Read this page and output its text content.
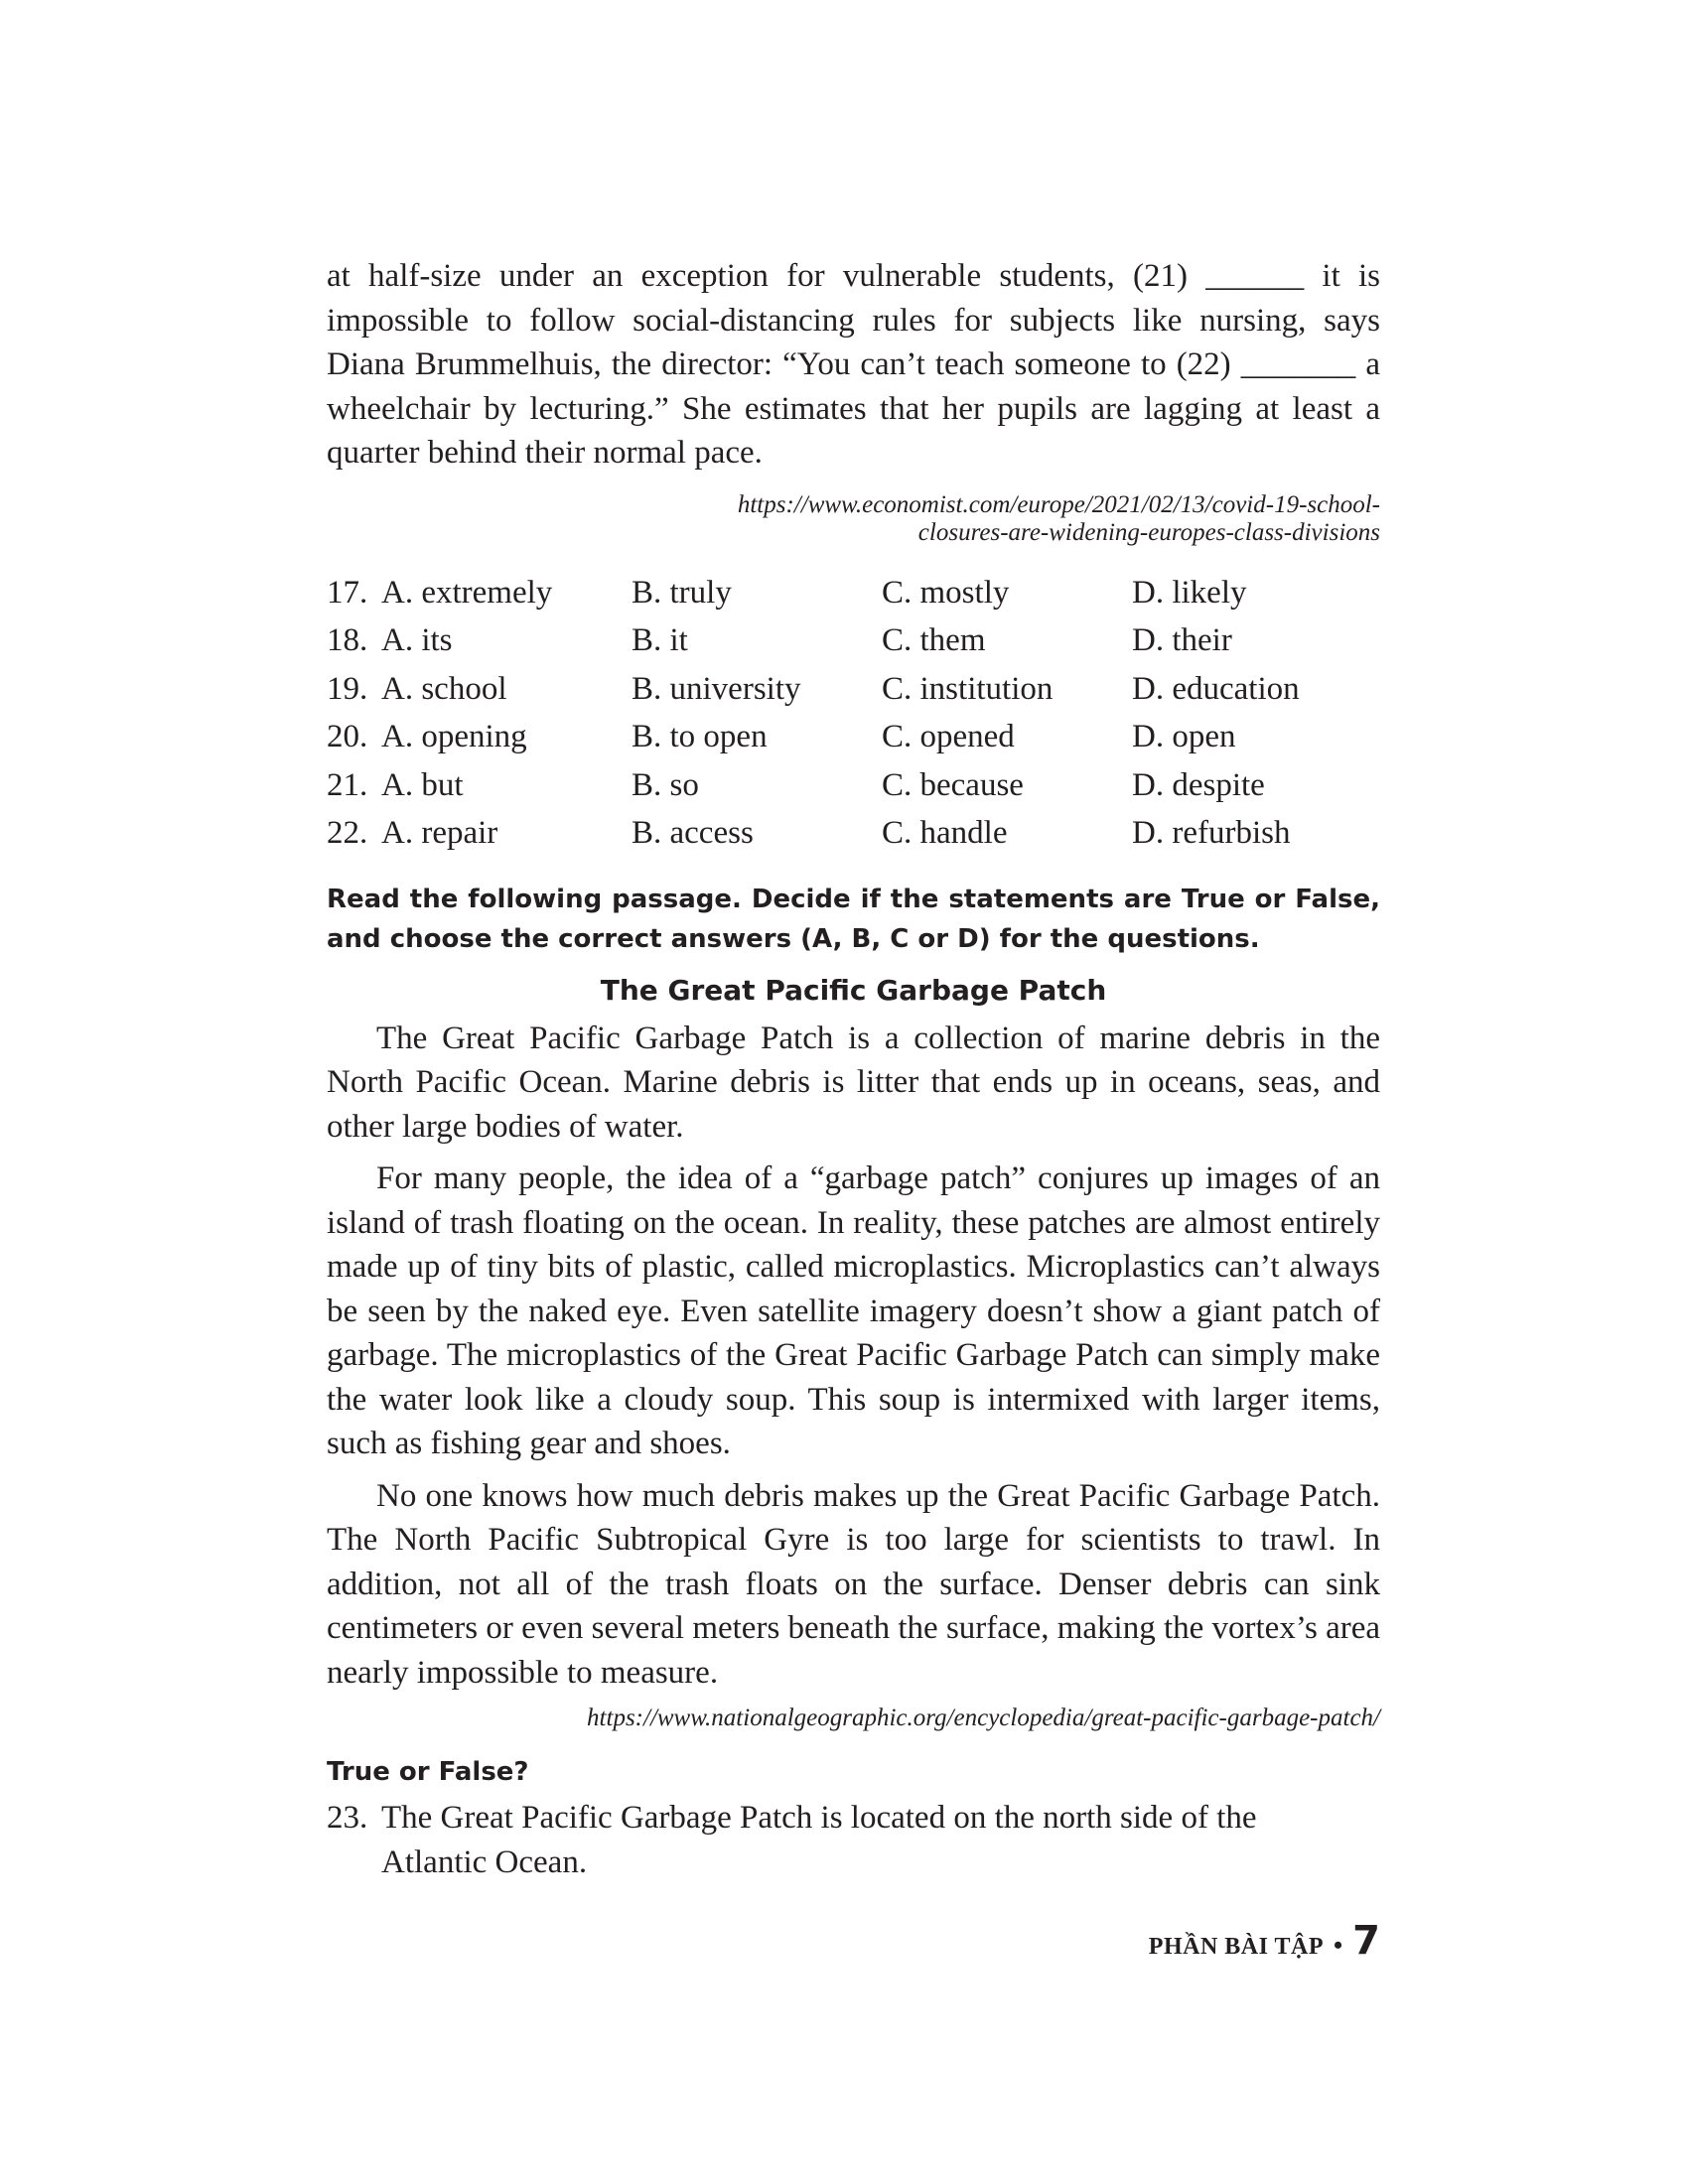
at half-size under an exception for vulnerable students, (21) ______ it is impossible to follow social-distancing rules for subjects like nursing, says Diana Brummelhuis, the director: “You can’t teach someone to (22) _______ a wheelchair by lecturing.” She estimates that her pupils are lagging at least a quarter behind their normal pace.

https://www.economist.com/europe/2021/02/13/covid-19-school-

closures-are-widening-europes-class-divisions

17. A. extremely	B. truly	C. mostly	D. likely
18. A. its	B. it	C. them	D. their
19. A. school	B. university	C. institution	D. education
20. A. opening	B. to open	C. opened	D. open
21. A. but	B. so	C. because	D. despite
22. A. repair	B. access	C. handle	D. refurbish

Read the following passage. Decide if the statements are True or False, and choose the correct answers (A, B, C or D) for the questions.

The Great Pacific Garbage Patch

The Great Pacific Garbage Patch is a collection of marine debris in the North Pacific Ocean. Marine debris is litter that ends up in oceans, seas, and other large bodies of water.

For many people, the idea of a “garbage patch” conjures up images of an island of trash floating on the ocean. In reality, these patches are almost entirely made up of tiny bits of plastic, called microplastics. Microplastics can’t always be seen by the naked eye. Even satellite imagery doesn’t show a giant patch of garbage. The microplastics of the Great Pacific Garbage Patch can simply make the water look like a cloudy soup. This soup is intermixed with larger items, such as fishing gear and shoes.

No one knows how much debris makes up the Great Pacific Garbage Patch. The North Pacific Subtropical Gyre is too large for scientists to trawl. In addition, not all of the trash floats on the surface. Denser debris can sink centimeters or even several meters beneath the surface, making the vortex’s area nearly impossible to measure.

https://www.nationalgeographic.org/encyclopedia/great-pacific-garbage-patch/

True or False?
23. The Great Pacific Garbage Patch is located on the north side of the Atlantic Ocean.
PHẦN BÀI TẬP • 7
